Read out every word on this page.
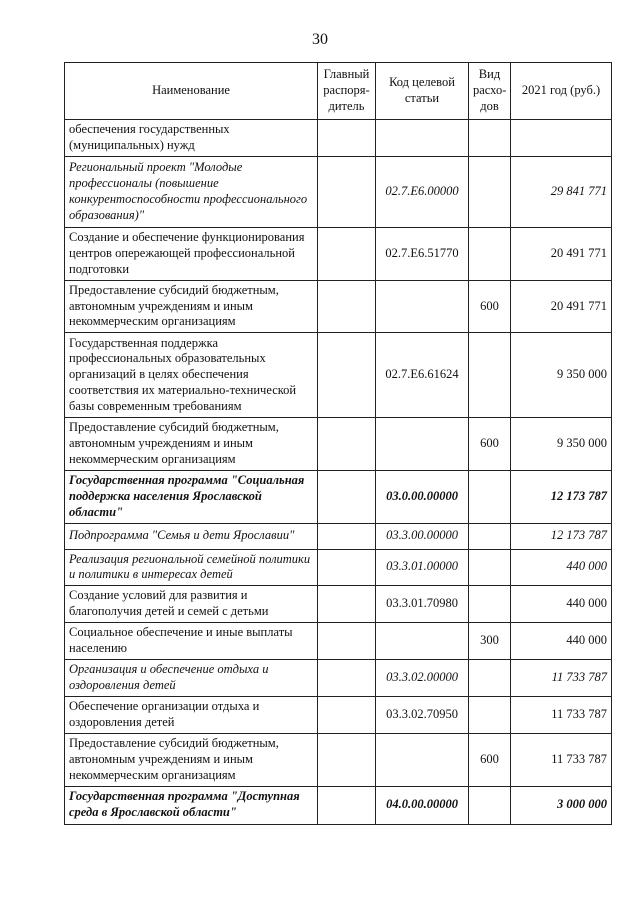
30
Наименование	Главный распоря-дитель	Код целевой статьи	Вид расхо-дов	2021 год (руб.)
обеспечения государственных (муниципальных) нужд				
Региональный проект "Молодые профессионалы (повышение конкурентоспособности профессионального образования)"		02.7.E6.00000		29 841 771
Создание и обеспечение функционирования центров опережающей профессиональной подготовки		02.7.E6.51770		20 491 771
Предоставление субсидий бюджетным, автономным учреждениям и иным некоммерческим организациям			600	20 491 771
Государственная поддержка профессиональных образовательных организаций в целях обеспечения соответствия их материально-технической базы современным требованиям		02.7.E6.61624		9 350 000
Предоставление субсидий бюджетным, автономным учреждениям и иным некоммерческим организациям			600	9 350 000
Государственная программа "Социальная поддержка населения Ярославской области"		03.0.00.00000		12 173 787
Подпрограмма "Семья и дети Ярославии"		03.3.00.00000		12 173 787
Реализация региональной семейной политики и политики в интересах детей		03.3.01.00000		440 000
Создание условий для развития и благополучия детей и семей с детьми		03.3.01.70980		440 000
Социальное обеспечение и иные выплаты населению			300	440 000
Организация и обеспечение отдыха и оздоровления детей		03.3.02.00000		11 733 787
Обеспечение организации отдыха и оздоровления детей		03.3.02.70950		11 733 787
Предоставление субсидий бюджетным, автономным учреждениям и иным некоммерческим организациям			600	11 733 787
Государственная программа "Доступная среда в Ярославской области"		04.0.00.00000		3 000 000
